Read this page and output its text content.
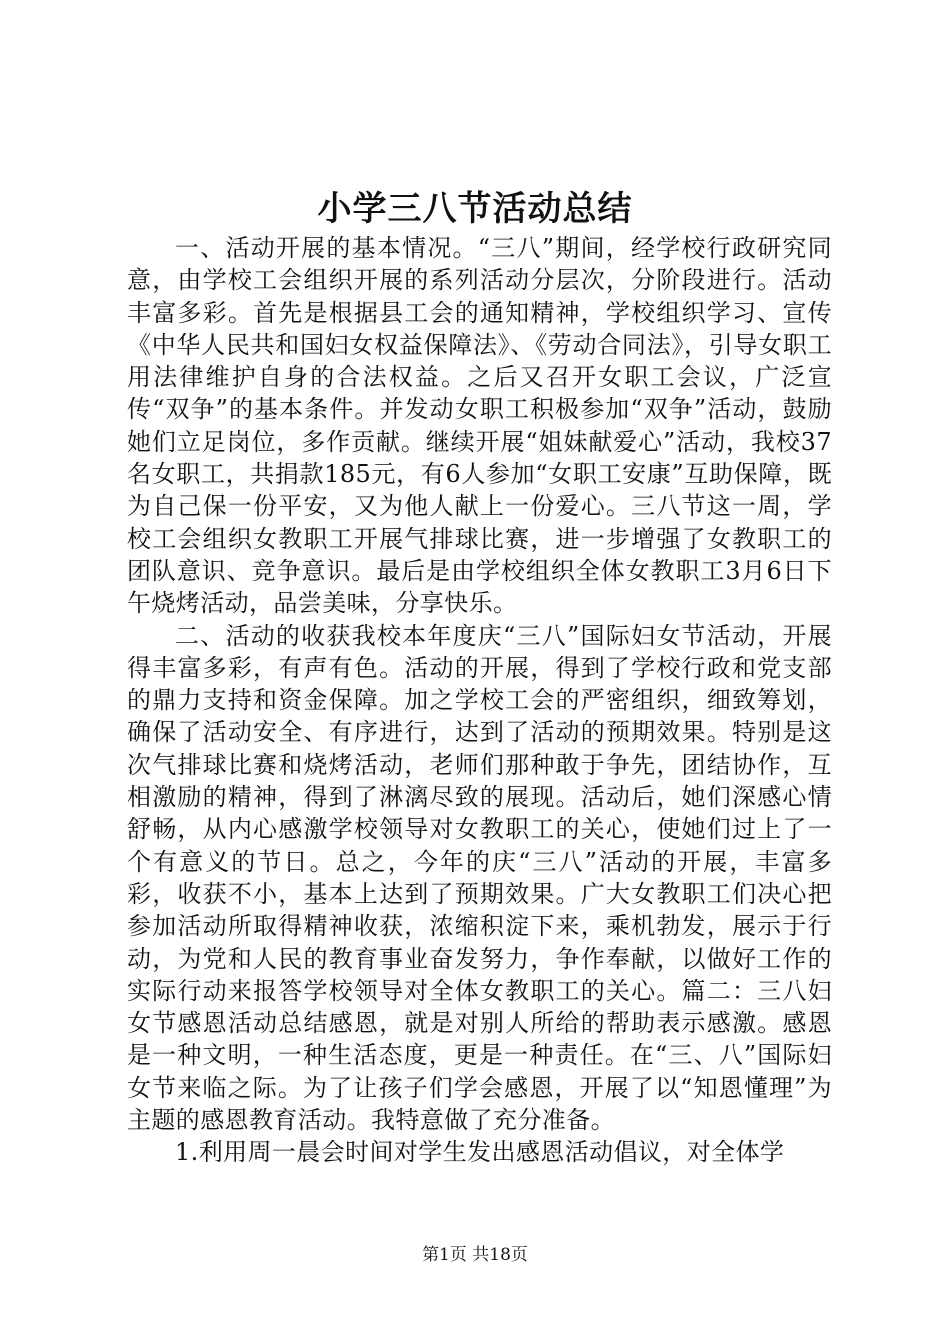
小学三八节活动总结

一、活动开展的基本情况。“三八”期间，经学校行政研究同意，由学校工会组织开展的系列活动分层次，分阶段进行。活动丰富多彩。首先是根据县工会的通知精神，学校组织学习、宣传《中华人民共和国妇女权益保障法》、《劳动合同法》，引导女职工用法律维护自身的合法权益。之后又召开女职工会议，广泛宣传“双争”的基本条件。并发动女职工积极参加“双争”活动，鼓励她们立足岗位，多作贡献。继续开展“姐妹献爱心”活动，我校37名女职工，共捐款185元，有6人参加“女职工安康”互助保障，既为自己保一份平安，又为他人献上一份爱心。三八节这一周，学校工会组织女教职工开展气排球比赛，进一步增强了女教职工的团队意识、竞争意识。最后是由学校组织全体女教职工3月6日下午烧烤活动，品尝美味，分享快乐。

二、活动的收获我校本年度庆“三八”国际妇女节活动，开展得丰富多彩，有声有色。活动的开展，得到了学校行政和党支部的鼎力支持和资金保障。加之学校工会的严密组织，细致筹划，确保了活动安全、有序进行，达到了活动的预期效果。特别是这次气排球比赛和烧烤活动，老师们那种敢于争先，团结协作，互相激励的精神，得到了淋漓尽致的展现。活动后，她们深感心情舒畅，从内心感激学校领导对女教职工的关心，使她们过上了一个有意义的节日。总之，今年的庆“三八”活动的开展，丰富多彩，收获不小，基本上达到了预期效果。广大女教职工们决心把参加活动所取得精神收获，浓缩积淀下来，乘机勃发，展示于行动，为党和人民的教育事业奋发努力，争作奉献，以做好工作的实际行动来报答学校领导对全体女教职工的关心。篇二：三八妇女节感恩活动总结感恩，就是对别人所给的帮助表示感激。感恩是一种文明，一种生活态度，更是一种责任。在“三、八”国际妇女节来临之际。为了让孩子们学会感恩，开展了以“知恩懂理”为主题的感恩教育活动。我特意做了充分准备。

1.利用周一晨会时间对学生发出感恩活动倡议，对全体学

第1页 共18页
